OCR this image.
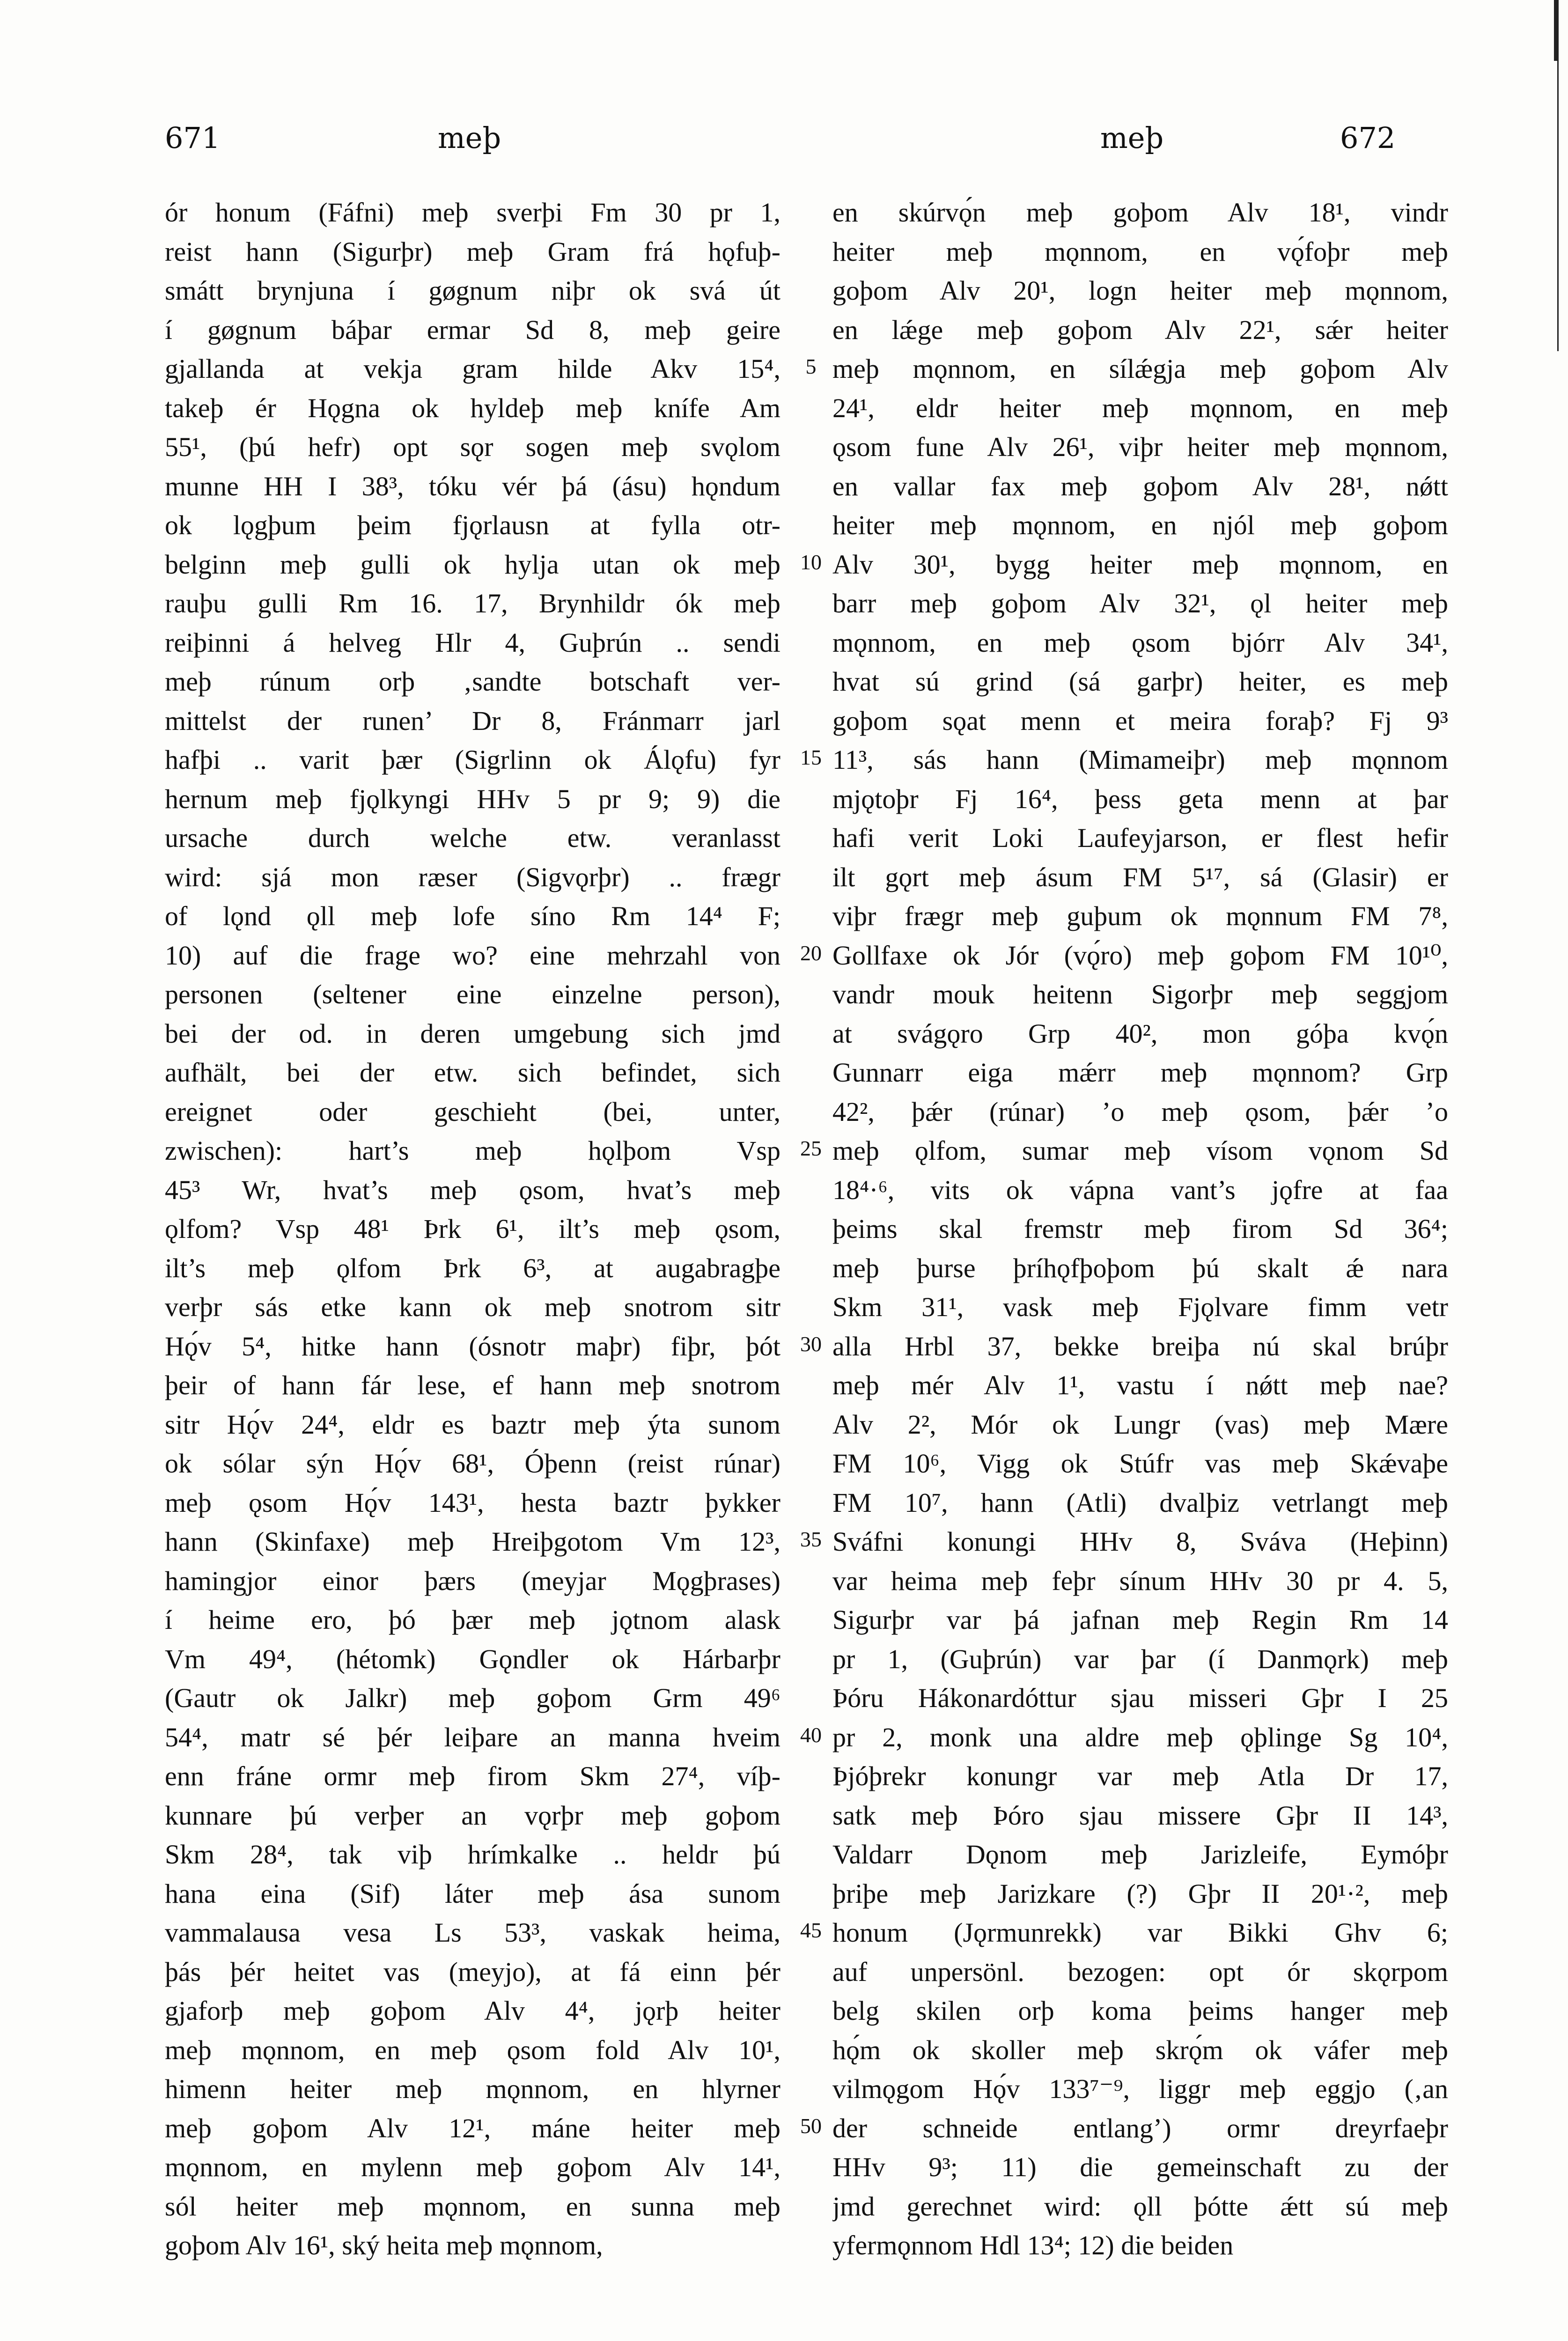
671	meþ	meþ	672
ór honum (Fáfni) meþ sverþi Fm 30 pr 1,
reist hann (Sigurþr) meþ Gram frá hǫfuþ-
smátt brynjuna í gøgnum niþr ok svá út
í gøgnum báþar ermar Sd 8, meþ geire
gjallanda at vekja gram hilde Akv 15⁴,
takeþ ér Hǫgna ok hyldeþ meþ knífe Am
55¹, (þú hefr) opt sǫr sogen meþ svǫlom
munne HH I 38³, tóku vér þá (ásu) hǫndum
ok lǫgþum þeim fjǫrlausn at fylla otr-
belginn meþ gulli ok hylja utan ok meþ
rauþu gulli Rm 16. 17, Brynhildr ók meþ
reiþinni á helveg Hlr 4, Guþrún .. sendi
meþ rúnum orþ ‚sandte botschaft ver-
mittelst der runen’ Dr 8, Fránmarr jarl
hafþi .. varit þær (Sigrlinn ok Álǫfu) fyr
hernum meþ fjǫlkyngi HHv 5 pr 9; 9) die
ursache durch welche etw. veranlasst
wird: sjá mon ræser (Sigvǫrþr) .. frægr
of lǫnd ǫll meþ lofe síno Rm 14⁴ F;
10) auf die frage wo? eine mehrzahl von
personen (seltener eine einzelne person),
bei der od. in deren umgebung sich jmd
aufhält, bei der etw. sich befindet, sich
ereignet oder geschieht (bei, unter,
zwischen): hart’s meþ hǫlþom Vsp
45³ Wr, hvat’s meþ ǫsom, hvat’s meþ
ǫlfom? Vsp 48¹ Þrk 6¹, ilt’s meþ ǫsom,
ilt’s meþ ǫlfom Þrk 6³, at augabragþe
verþr sás etke kann ok meþ snotrom sitr
Hǫ́v 5⁴, hitke hann (ósnotr maþr) fiþr, þót
þeir of hann fár lese, ef hann meþ snotrom
sitr Hǫ́v 24⁴, eldr es baztr meþ ýta sunom
ok sólar sýn Hǫ́v 68¹, Óþenn (reist rúnar)
meþ ǫsom Hǫ́v 143¹, hesta baztr þykker
hann (Skinfaxe) meþ Hreiþgotom Vm 12³,
hamingjor einor þærs (meyjar Mǫgþrases)
í heime ero, þó þær meþ jǫtnom alask
Vm 49⁴, (hétomk) Gǫndler ok Hárbarþr
(Gautr ok Jalkr) meþ goþom Grm 49⁶
54⁴, matr sé þér leiþare an manna hveim
enn fráne ormr meþ firom Skm 27⁴, víþ-
kunnare þú verþer an vǫrþr meþ goþom
Skm 28⁴, tak viþ hrímkalke .. heldr þú
hana eina (Sif) láter meþ ása sunom
vammalausa vesa Ls 53³, vaskak heima,
þás þér heitet vas (meyjo), at fá einn þér
gjaforþ meþ goþom Alv 4⁴, jǫrþ heiter
meþ mǫnnom, en meþ ǫsom fold Alv 10¹,
himenn heiter meþ mǫnnom, en hlyrner
meþ goþom Alv 12¹, máne heiter meþ
mǫnnom, en mylenn meþ goþom Alv 14¹,
sól heiter meþ mǫnnom, en sunna meþ
goþom Alv 16¹, ský heita meþ mǫnnom,
5
10
15
20
25
30
35
40
45
50
en skúrvǫ́n meþ goþom Alv 18¹, vindr
heiter meþ mǫnnom, en vǫ́foþr meþ
goþom Alv 20¹, logn heiter meþ mǫnnom,
en lǽge meþ goþom Alv 22¹, sǽr heiter
meþ mǫnnom, en sílǽgja meþ goþom Alv
24¹, eldr heiter meþ mǫnnom, en meþ
ǫsom fune Alv 26¹, viþr heiter meþ mǫnnom,
en vallar fax meþ goþom Alv 28¹, nǿtt
heiter meþ mǫnnom, en njól meþ goþom
Alv 30¹, bygg heiter meþ mǫnnom, en
barr meþ goþom Alv 32¹, ǫl heiter meþ
mǫnnom, en meþ ǫsom bjórr Alv 34¹,
hvat sú grind (sá garþr) heiter, es meþ
goþom sǫat menn et meira foraþ? Fj 9³
11³, sás hann (Mimameiþr) meþ mǫnnom
mjǫtoþr Fj 16⁴, þess geta menn at þar
hafi verit Loki Laufeyjarson, er flest hefir
ilt gǫrt meþ ásum FM 5¹⁷, sá (Glasir) er
viþr frægr meþ guþum ok mǫnnum FM 7⁸,
Gollfaxe ok Jór (vǫ́ro) meþ goþom FM 10¹⁰,
vandr mouk heitenn Sigorþr meþ seggjom
at svágǫro Grp 40², mon góþa kvǫ́n
Gunnarr eiga mǽrr meþ mǫnnom? Grp
42², þǽr (rúnar) ’o meþ ǫsom, þǽr ’o
meþ ǫlfom, sumar meþ vísom vǫnom Sd
18⁴·⁶, vits ok vápna vant’s jǫfre at faa
þeims skal fremstr meþ firom Sd 36⁴;
meþ þurse þríhǫfþoþom þú skalt ǽ nara
Skm 31¹, vask meþ Fjǫlvare fimm vetr
alla Hrbl 37, bekke breiþa nú skal brúþr
meþ mér Alv 1¹, vastu í nǿtt meþ nae?
Alv 2², Mór ok Lungr (vas) meþ Mære
FM 10⁶, Vigg ok Stúfr vas meþ Skǽvaþe
FM 10⁷, hann (Atli) dvalþiz vetrlangt meþ
Sváfni konungi HHv 8, Sváva (Heþinn)
var heima meþ feþr sínum HHv 30 pr 4. 5,
Sigurþr var þá jafnan meþ Regin Rm 14
pr 1, (Guþrún) var þar (í Danmǫrk) meþ
Þóru Hákonardóttur sjau misseri Gþr I 25
pr 2, monk una aldre meþ ǫþlinge Sg 10⁴,
Þjóþrekr konungr var meþ Atla Dr 17,
satk meþ Þóro sjau missere Gþr II 14³,
Valdarr Dǫnom meþ Jarizleife, Eymóþr
þriþe meþ Jarizkare (?) Gþr II 20¹·², meþ
honum (Jǫrmunrekk) var Bikki Ghv 6;
auf unpersönl. bezogen: opt ór skǫrpom
belg skilen orþ koma þeims hanger meþ
hǫ́m ok skoller meþ skrǫ́m ok váfer meþ
vilmǫgom Hǫ́v 133⁷⁻⁹, liggr meþ eggjo (‚an
der schneide entlang’) ormr dreyrfaeþr
HHv 9³; 11) die gemeinschaft zu der
jmd gerechnet wird: ǫll þótte ǽtt sú meþ
yfermǫnnom Hdl 13⁴; 12) die beiden
